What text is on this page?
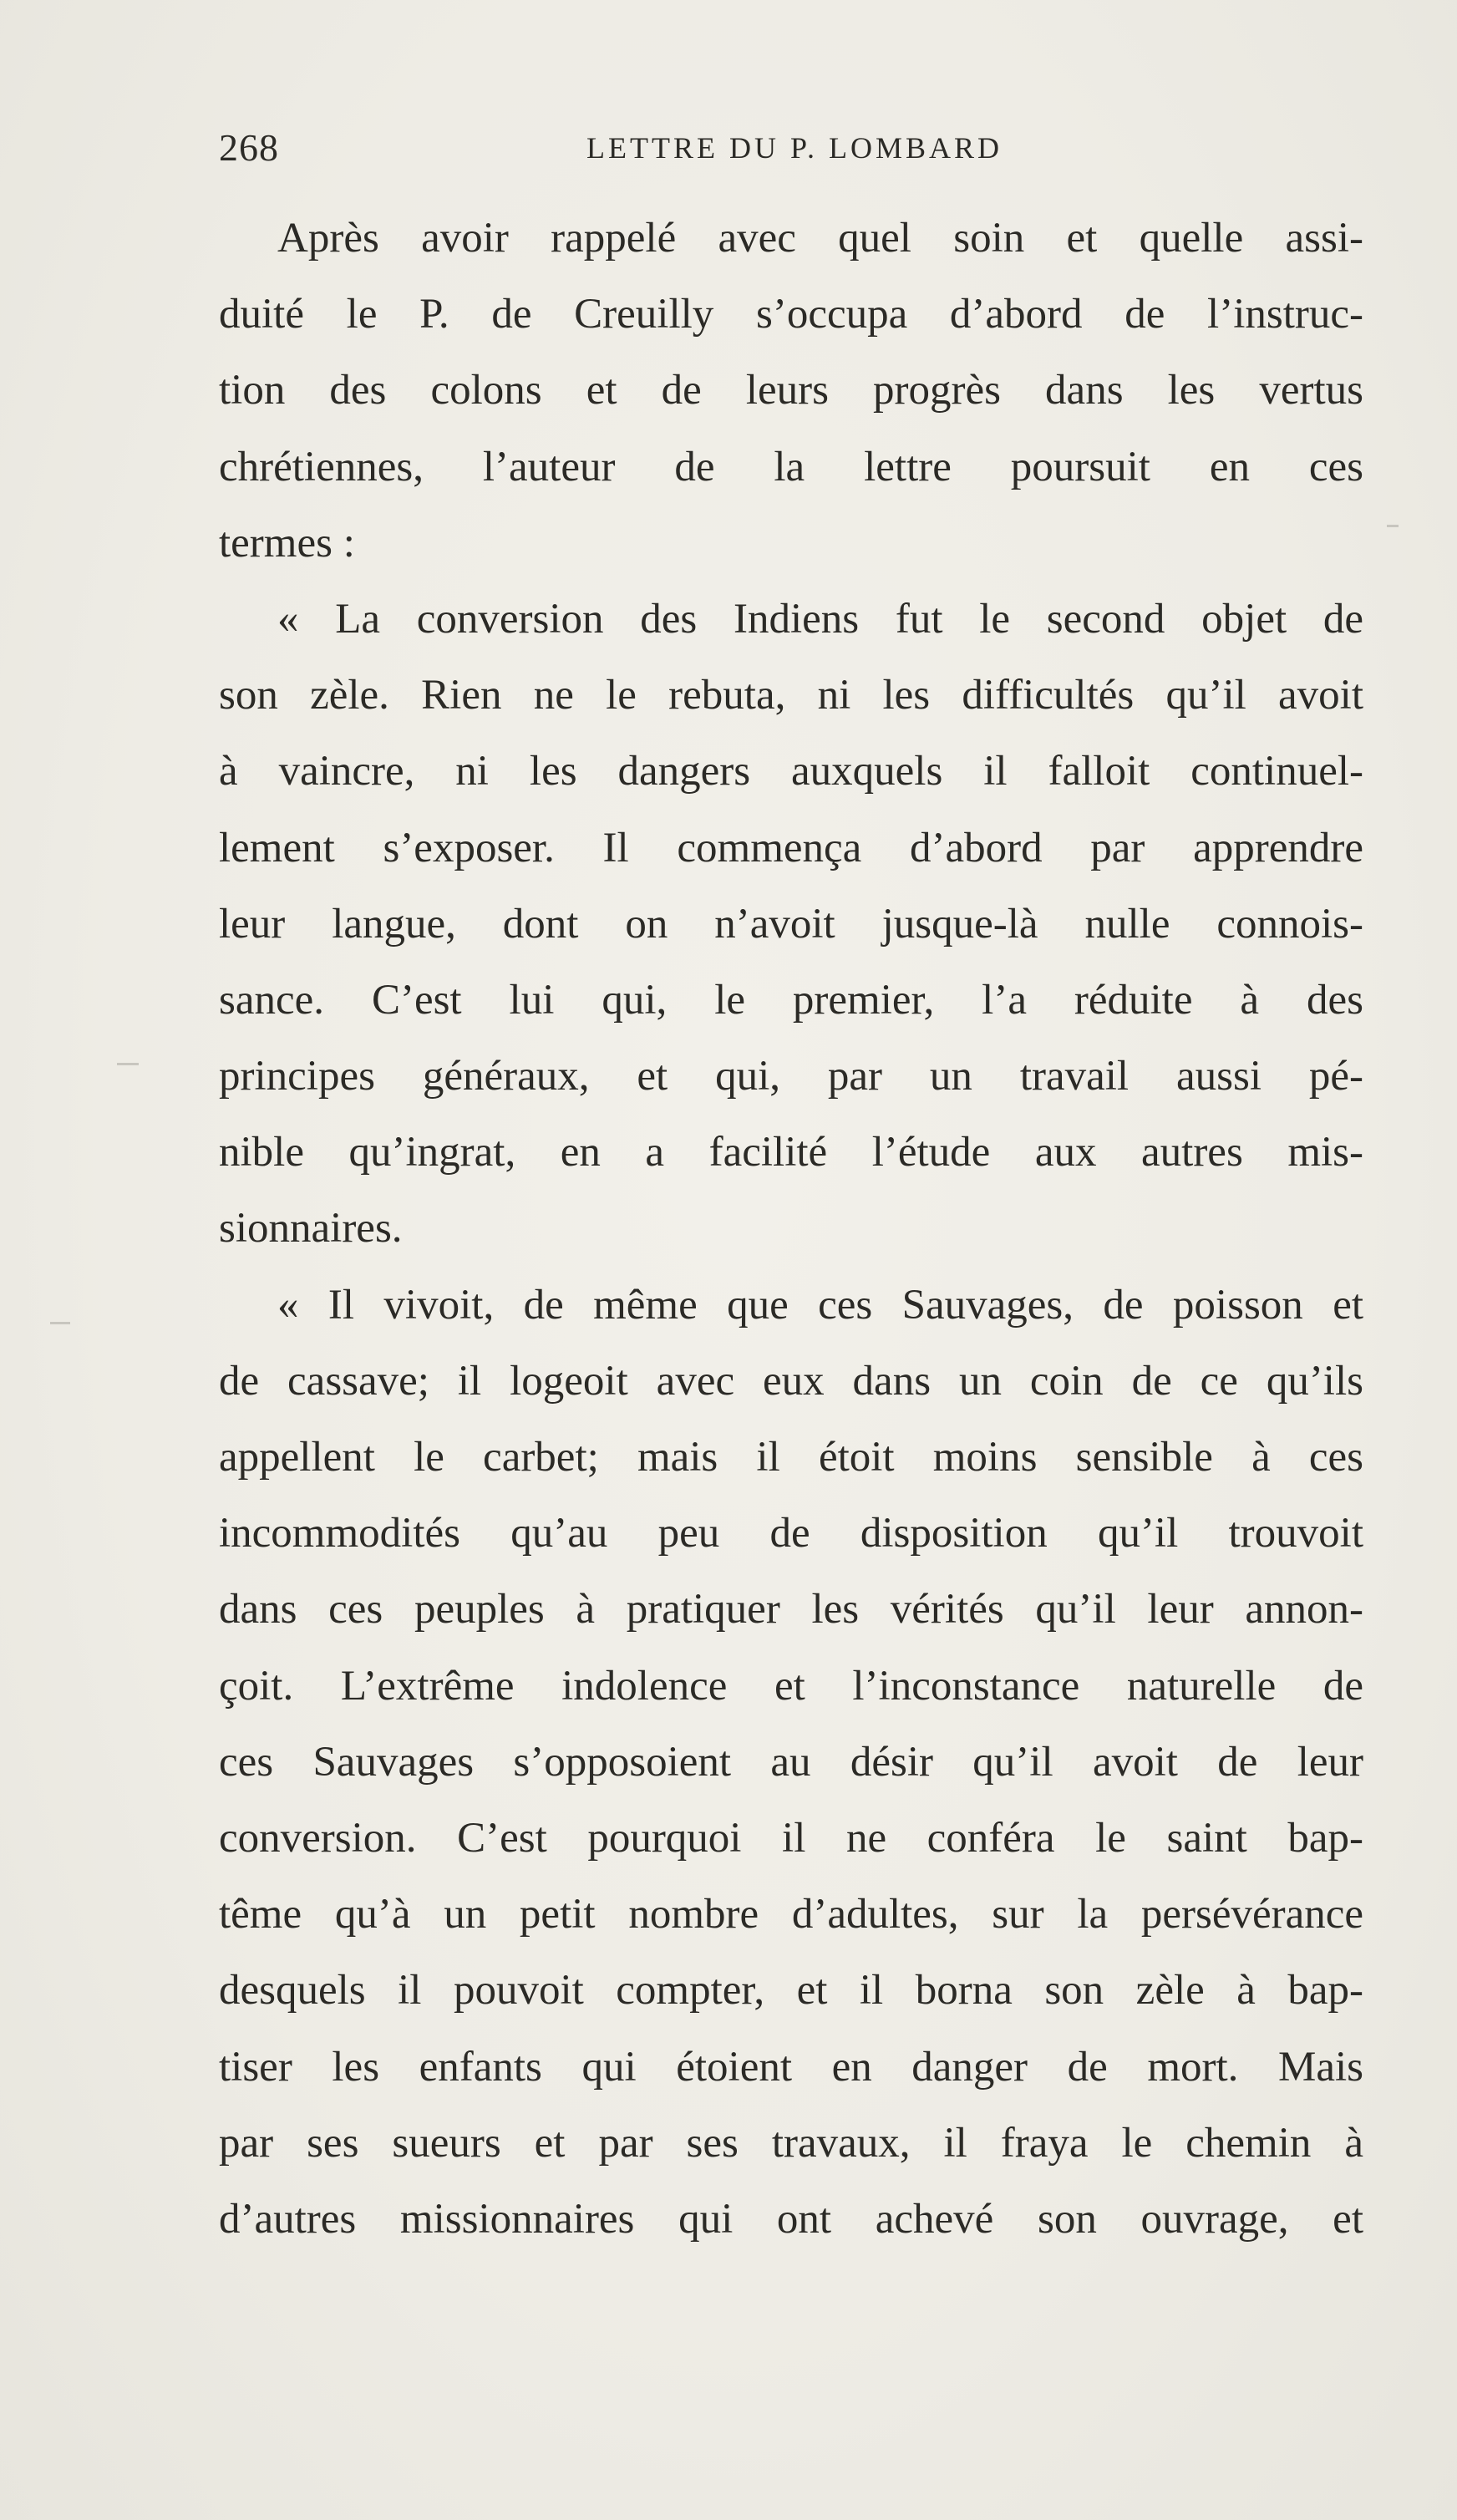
268	LETTRE DU P. LOMBARD
Après avoir rappelé avec quel soin et quelle assi-
duité le P. de Creuilly s’occupa d’abord de l’instruc-
tion des colons et de leurs progrès dans les vertus
chrétiennes, l’auteur de la lettre poursuit en ces
termes :
« La conversion des Indiens fut le second objet de
son zèle. Rien ne le rebuta, ni les difficultés qu’il avoit
à vaincre, ni les dangers auxquels il falloit continuel-
lement s’exposer. Il commença d’abord par apprendre
leur langue, dont on n’avoit jusque-là nulle connois-
sance. C’est lui qui, le premier, l’a réduite à des
principes généraux, et qui, par un travail aussi pé-
nible qu’ingrat, en a facilité l’étude aux autres mis-
sionnaires.
« Il vivoit, de même que ces Sauvages, de poisson et
de cassave; il logeoit avec eux dans un coin de ce qu’ils
appellent le carbet; mais il étoit moins sensible à ces
incommodités qu’au peu de disposition qu’il trouvoit
dans ces peuples à pratiquer les vérités qu’il leur annon-
çoit. L’extrême indolence et l’inconstance naturelle de
ces Sauvages s’opposoient au désir qu’il avoit de leur
conversion. C’est pourquoi il ne conféra le saint bap-
tême qu’à un petit nombre d’adultes, sur la persévérance
desquels il pouvoit compter, et il borna son zèle à bap-
tiser les enfants qui étoient en danger de mort. Mais
par ses sueurs et par ses travaux, il fraya le chemin à
d’autres missionnaires qui ont achevé son ouvrage, et
